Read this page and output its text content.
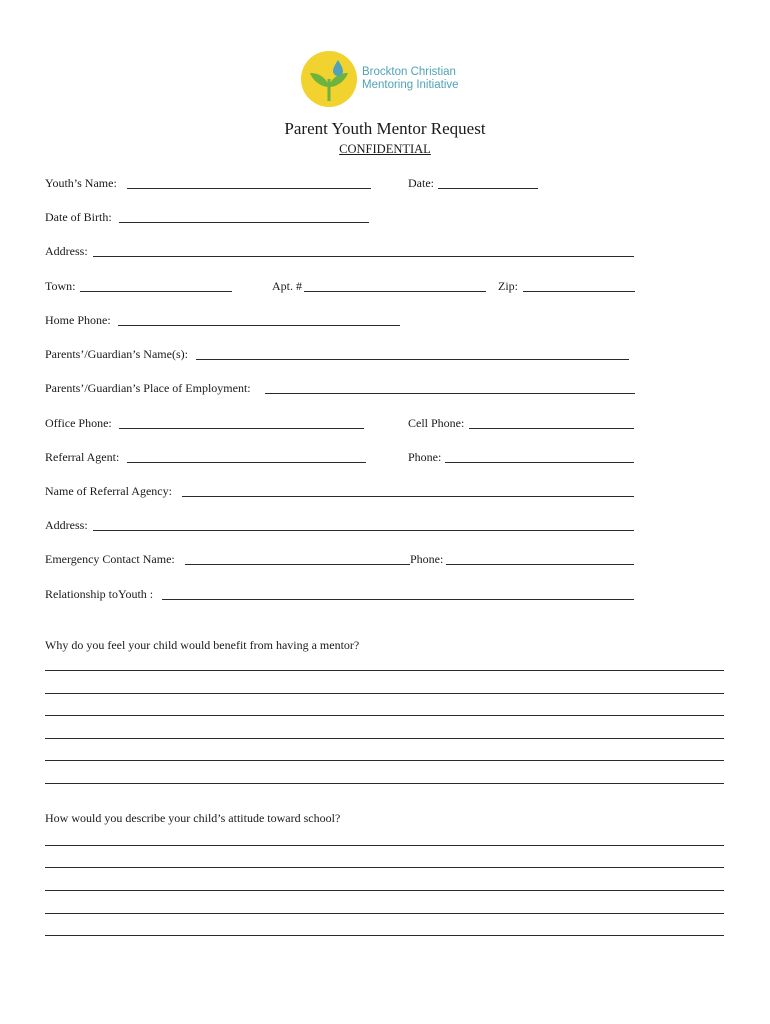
Brockton Christian
Mentoring Initiative
Parent Youth Mentor Request
CONFIDENTIAL
Youth’s Name:	Date:
Date of Birth:
Address:
Town:	Apt. #	Zip:
Home Phone:
Parents’/Guardian’s Name(s):
Parents’/Guardian’s Place of Employment:
Office Phone:	Cell Phone:
Referral Agent:	Phone:
Name of Referral Agency:
Address:
Emergency Contact Name:	Phone:
Relationship toYouth :
Why do you feel your child would benefit from having a mentor?
How would you describe your child’s attitude toward school?
